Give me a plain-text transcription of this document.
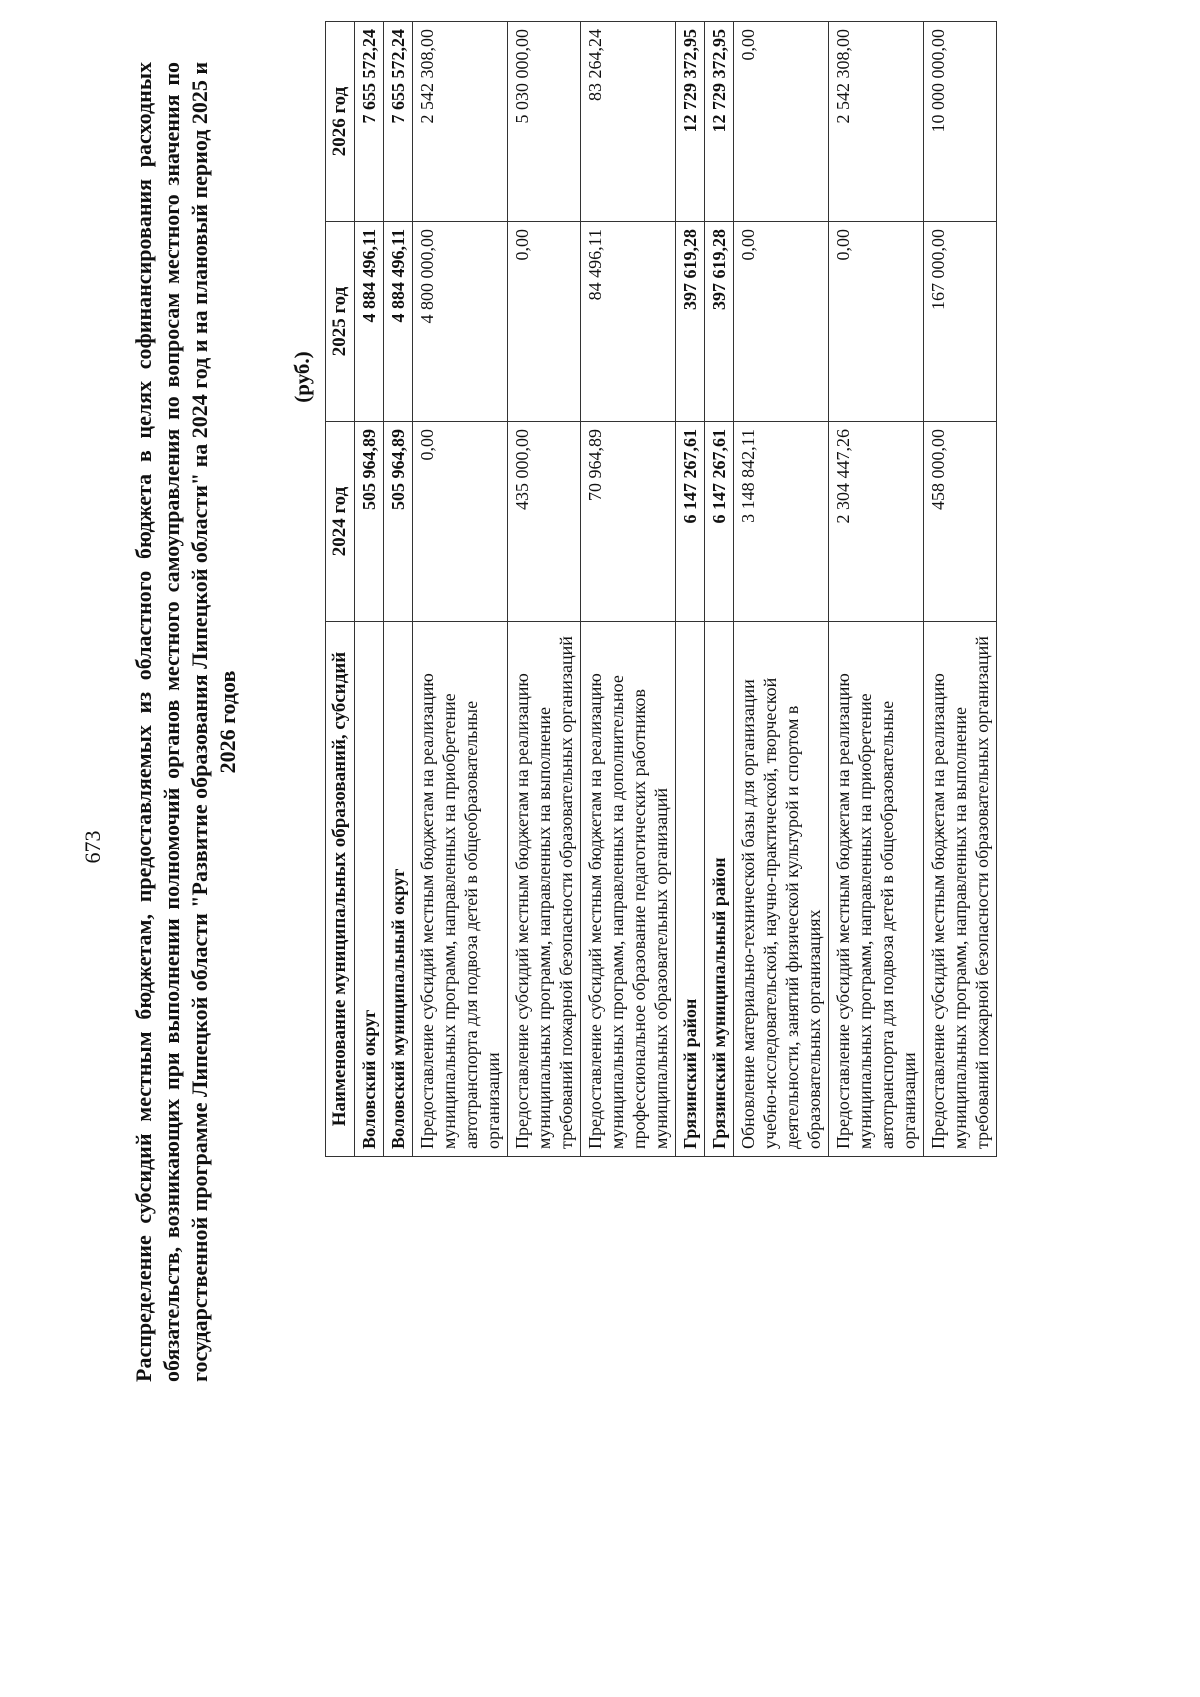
673 Распределение субсидий местным бюджетам, предоставляемых из областного бюджета в целях софинансирования расходных обязательств, возникающих при выполнении полномочий органов местного самоуправления по вопросам местного значения по государственной программе Липецкой области "Развитие образования Липецкой области" на 2024 год и на плановый период 2025 и 2026 годов
(руб.)
Наименование муниципальных образований, субсидий	2024 год	2025 год	2026 год
Воловский округ	505 964,89	4 884 496,11	7 655 572,24
Воловский муниципальный округ	505 964,89	4 884 496,11	7 655 572,24
Предоставление субсидий местным бюджетам на реализацию муниципальных программ, направленных на приобретение автотранспорта для подвоза детей в общеобразовательные организации	0,00	4 800 000,00	2 542 308,00
Предоставление субсидий местным бюджетам на реализацию муниципальных программ, направленных на выполнение требований пожарной безопасности образовательных организаций	435 000,00	0,00	5 030 000,00
Предоставление субсидий местным бюджетам на реализацию муниципальных программ, направленных на дополнительное профессиональное образование педагогических работников муниципальных образовательных организаций	70 964,89	84 496,11	83 264,24
Грязинский район	6 147 267,61	397 619,28	12 729 372,95
Грязинский муниципальный район	6 147 267,61	397 619,28	12 729 372,95
Обновление материально-технической базы для организации учебно-исследовательской, научно-практической, творческой деятельности, занятий физической культурой и спортом в образовательных организациях	3 148 842,11	0,00	0,00
Предоставление субсидий местным бюджетам на реализацию муниципальных программ, направленных на приобретение автотранспорта для подвоза детей в общеобразовательные организации	2 304 447,26	0,00	2 542 308,00
Предоставление субсидий местным бюджетам на реализацию муниципальных программ, направленных на выполнение требований пожарной безопасности образовательных организаций	458 000,00	167 000,00	10 000 000,00
